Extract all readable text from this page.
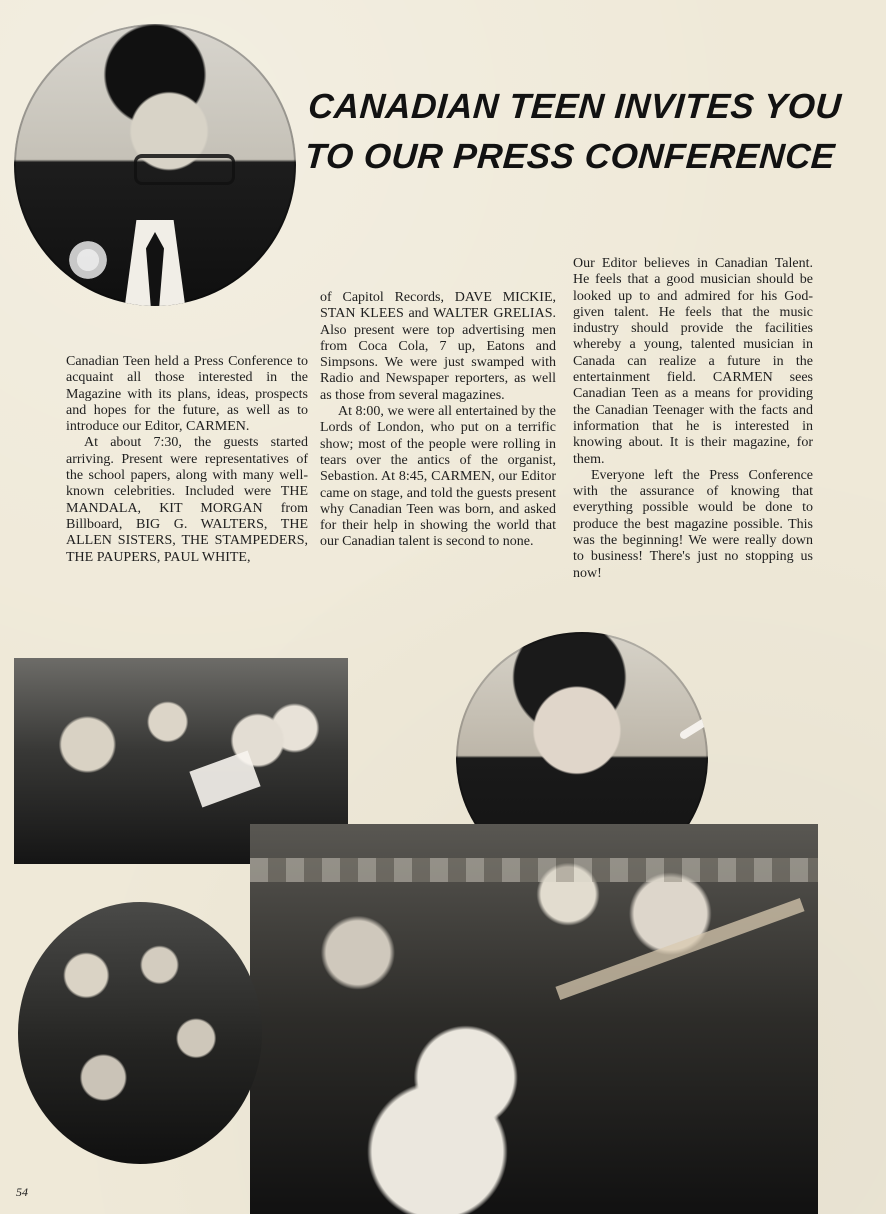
CANADIAN TEEN INVITES YOU
TO OUR PRESS CONFERENCE

Canadian Teen held a Press Conference to acquaint all those interested in the Magazine with its plans, ideas, prospects and hopes for the future, as well as to introduce our Editor, CARMEN.

At about 7:30, the guests started arriving. Present were representatives of the school papers, along with many well-known celebrities. Included were THE MANDALA, KIT MORGAN from Billboard, BIG G. WALTERS, THE ALLEN SISTERS, THE STAMPEDERS, THE PAUPERS, PAUL WHITE,

of Capitol Records, DAVE MICKIE, STAN KLEES and WALTER GRELIAS. Also present were top advertising men from Coca Cola, 7 up, Eatons and Simpsons. We were just swamped with Radio and Newspaper reporters, as well as those from several magazines.

At 8:00, we were all entertained by the Lords of London, who put on a terrific show; most of the people were rolling in tears over the antics of the organist, Sebastion. At 8:45, CARMEN, our Editor came on stage, and told the guests present why Canadian Teen was born, and asked for their help in showing the world that our Canadian talent is second to none.

Our Editor believes in Canadian Talent. He feels that a good musician should be looked up to and admired for his God-given talent. He feels that the music industry should provide the facilities whereby a young, talented musician in Canada can realize a future in the entertainment field. CARMEN sees Canadian Teen as a means for providing the Canadian Teenager with the facts and information that he is interested in knowing about. It is their magazine, for them.

Everyone left the Press Conference with the assurance of knowing that everything possible would be done to produce the best magazine possible. This was the beginning! We were really down to business! There's just no stopping us now!

54
